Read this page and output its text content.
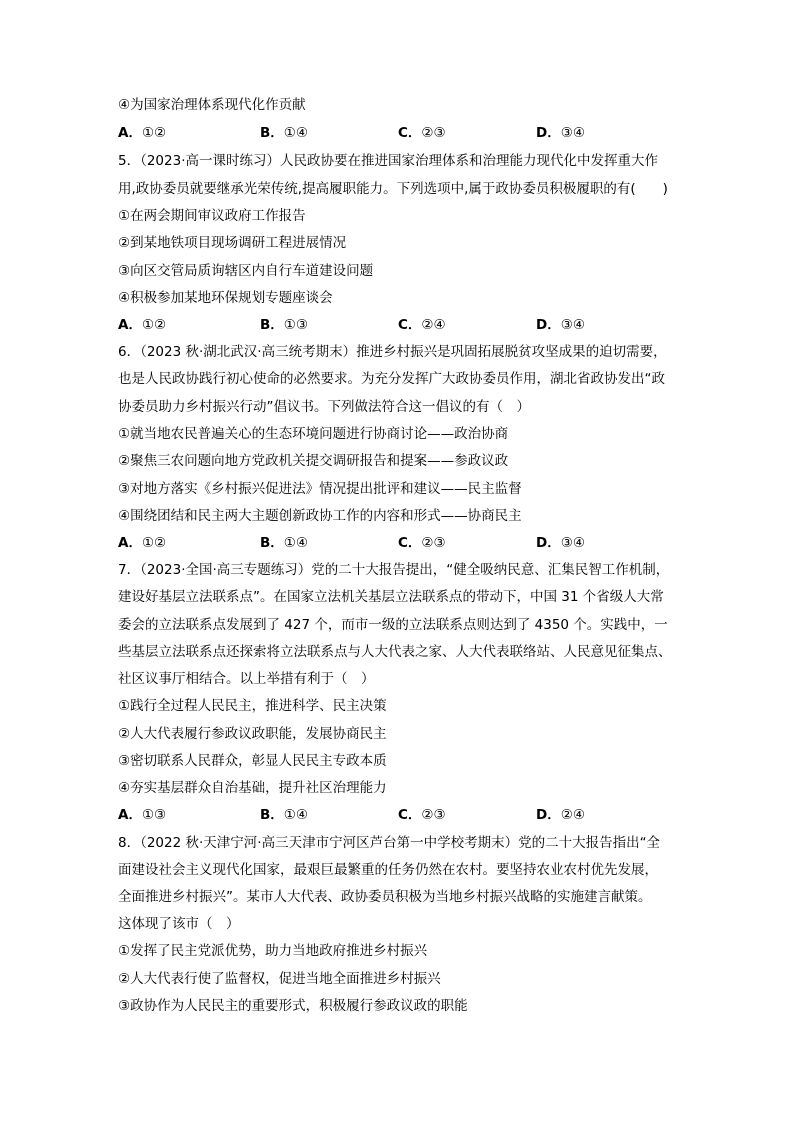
④为国家治理体系现代化作贡献
A．①②	B．①④	C．②③	D．③④
5．（2023·高一课时练习）人民政协要在推进国家治理体系和治理能力现代化中发挥重大作
用,政协委员就要继承光荣传统,提高履职能力。下列选项中,属于政协委员积极履职的有(　　)
①在两会期间审议政府工作报告
②到某地铁项目现场调研工程进展情况
③向区交管局质询辖区内自行车道建设问题
④积极参加某地环保规划专题座谈会
A．①②	B．①③	C．②④	D．③④
6．（2023 秋·湖北武汉·高三统考期末）推进乡村振兴是巩固拓展脱贫攻坚成果的迫切需要，
也是人民政协践行初心使命的必然要求。为充分发挥广大政协委员作用，湖北省政协发出“政
协委员助力乡村振兴行动”倡议书。下列做法符合这一倡议的有（　）
①就当地农民普遍关心的生态环境问题进行协商讨论——政治协商
②聚焦三农问题向地方党政机关提交调研报告和提案——参政议政
③对地方落实《乡村振兴促进法》情况提出批评和建议——民主监督
④围绕团结和民主两大主题创新政协工作的内容和形式——协商民主
A．①②	B．①④	C．②③	D．③④
7．（2023·全国·高三专题练习）党的二十大报告提出，“健全吸纳民意、汇集民智工作机制，
建设好基层立法联系点”。在国家立法机关基层立法联系点的带动下，中国 31 个省级人大常
委会的立法联系点发展到了 427 个，而市一级的立法联系点则达到了 4350 个。实践中，一
些基层立法联系点还探索将立法联系点与人大代表之家、人大代表联络站、人民意见征集点、
社区议事厅相结合。以上举措有利于（　）
①践行全过程人民民主，推进科学、民主决策
②人大代表履行参政议政职能，发展协商民主
③密切联系人民群众，彰显人民民主专政本质
④夯实基层群众自治基础，提升社区治理能力
A．①③	B．①④	C．②③	D．②④
8．（2022 秋·天津宁河·高三天津市宁河区芦台第一中学校考期末）党的二十大报告指出“全
面建设社会主义现代化国家，最艰巨最繁重的任务仍然在农村。要坚持农业农村优先发展，
全面推进乡村振兴”。某市人大代表、政协委员积极为当地乡村振兴战略的实施建言献策。
这体现了该市（　）
①发挥了民主党派优势，助力当地政府推进乡村振兴
②人大代表行使了监督权，促进当地全面推进乡村振兴
③政协作为人民民主的重要形式，积极履行参政议政的职能
